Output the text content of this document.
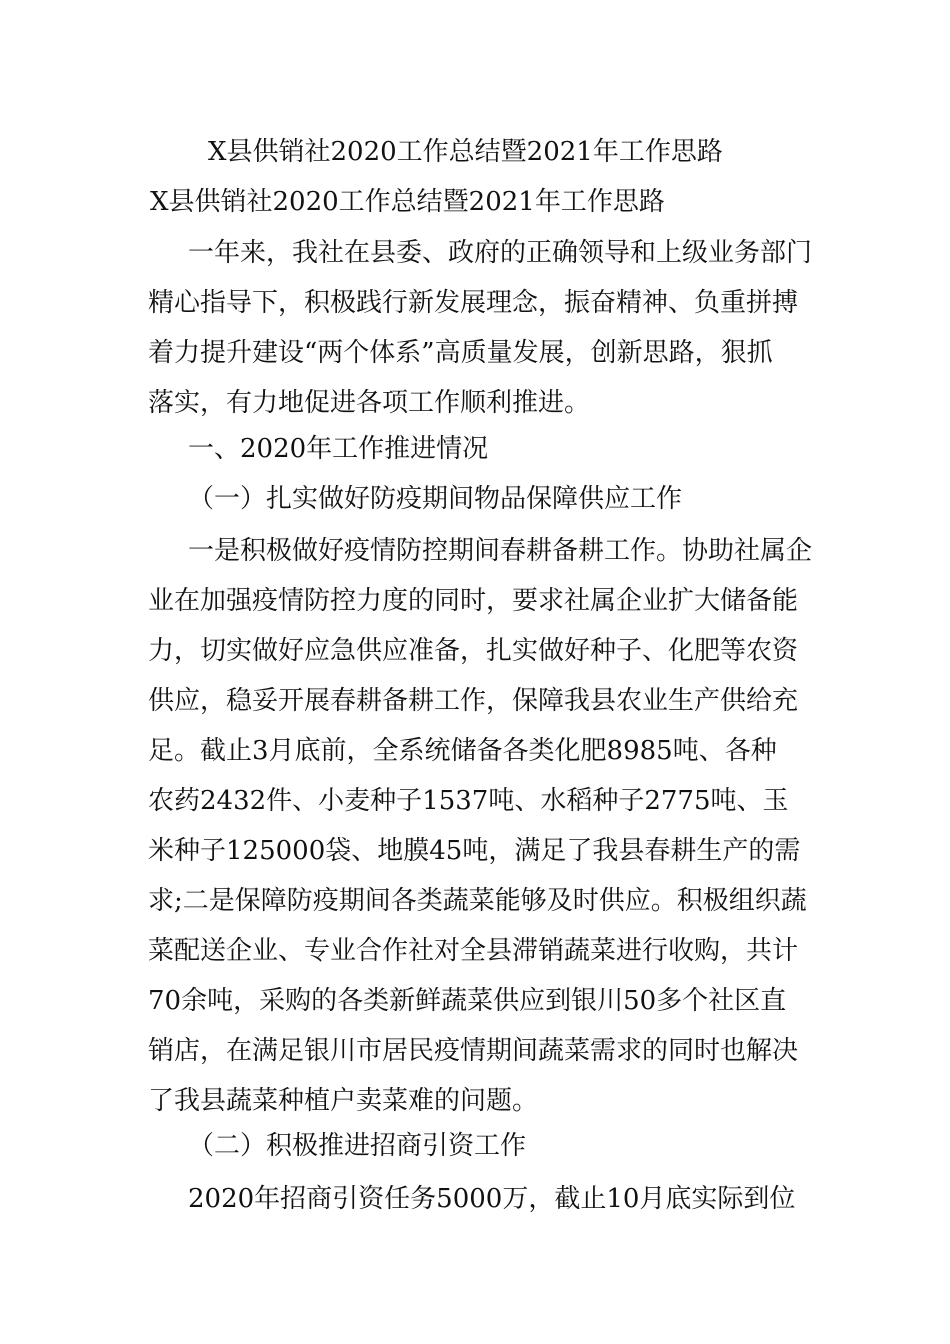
X县供销社2020工作总结暨2021年工作思路
X县供销社2020工作总结暨2021年工作思路
一年来，我社在县委、政府的正确领导和上级业务部门
精心指导下，积极践行新发展理念，振奋精神、负重拼搏
着力提升建设“两个体系”高质量发展，创新思路，狠抓
落实，有力地促进各项工作顺利推进。
一、2020年工作推进情况
（一）扎实做好防疫期间物品保障供应工作
一是积极做好疫情防控期间春耕备耕工作。协助社属企
业在加强疫情防控力度的同时，要求社属企业扩大储备能
力，切实做好应急供应准备，扎实做好种子、化肥等农资
供应，稳妥开展春耕备耕工作，保障我县农业生产供给充
足。截止3月底前，全系统储备各类化肥8985吨、各种
农药2432件、小麦种子1537吨、水稻种子2775吨、玉
米种子125000袋、地膜45吨，满足了我县春耕生产的需
求;二是保障防疫期间各类蔬菜能够及时供应。积极组织蔬
菜配送企业、专业合作社对全县滞销蔬菜进行收购，共计
70余吨，采购的各类新鲜蔬菜供应到银川50多个社区直
销店，在满足银川市居民疫情期间蔬菜需求的同时也解决
了我县蔬菜种植户卖菜难的问题。
（二）积极推进招商引资工作
2020年招商引资任务5000万，截止10月底实际到位
